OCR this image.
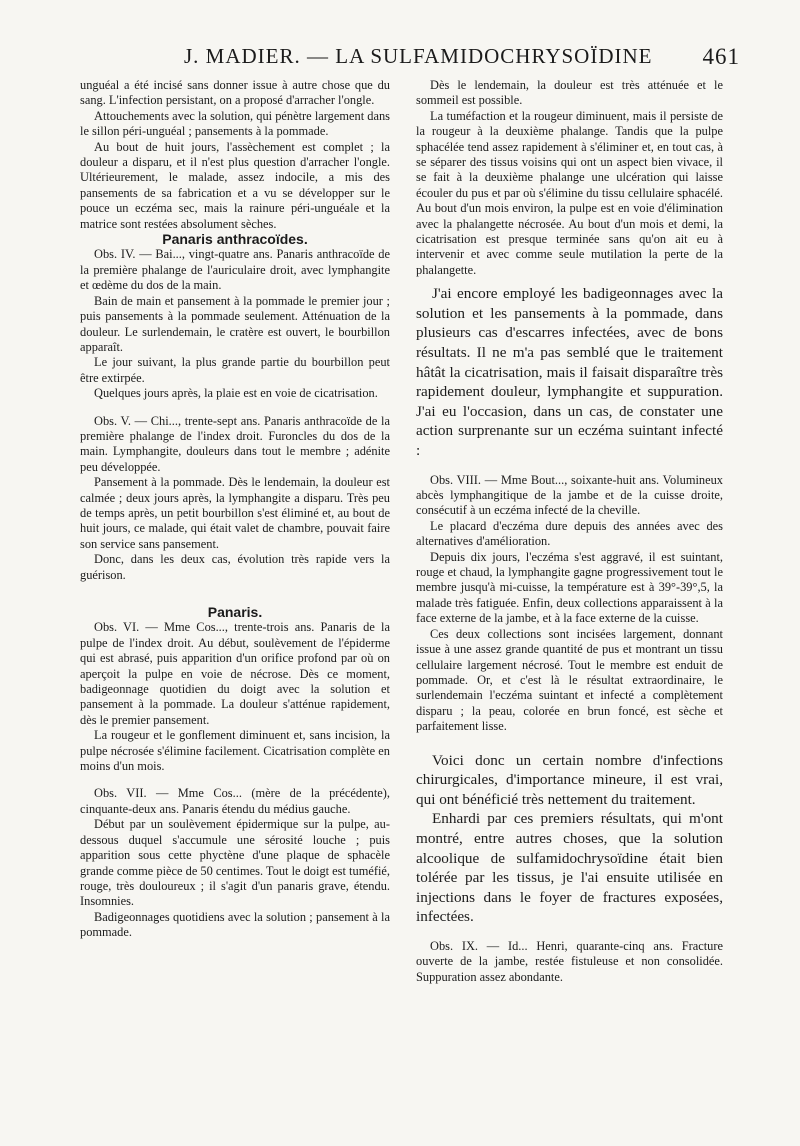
J. MADIER. — LA SULFAMIDOCHRYSOÏDINE 461

unguéal a été incisé sans donner issue à autre chose que du sang. L'infection persistant, on a proposé d'arracher l'ongle.

Attouchements avec la solution, qui pénètre largement dans le sillon péri-unguéal ; pansements à la pommade.

Au bout de huit jours, l'assèchement est complet ; la douleur a disparu, et il n'est plus question d'arracher l'ongle. Ultérieurement, le malade, assez indocile, a mis des pansements de sa fabrication et a vu se développer sur le pouce un eczéma sec, mais la rainure péri-unguéale et la matrice sont restées absolument sèches.

Panaris anthracoïdes.

Obs. IV. — Bai..., vingt-quatre ans. Panaris anthracoïde de la première phalange de l'auriculaire droit, avec lymphangite et œdème du dos de la main.

Bain de main et pansement à la pommade le premier jour ; puis pansements à la pommade seulement. Atténuation de la douleur. Le surlendemain, le cratère est ouvert, le bourbillon apparaît.

Le jour suivant, la plus grande partie du bourbillon peut être extirpée.

Quelques jours après, la plaie est en voie de cicatrisation.

Obs. V. — Chi..., trente-sept ans. Panaris anthracoïde de la première phalange de l'index droit. Furoncles du dos de la main. Lymphangite, douleurs dans tout le membre ; adénite peu développée.

Pansement à la pommade. Dès le lendemain, la douleur est calmée ; deux jours après, la lymphangite a disparu. Très peu de temps après, un petit bourbillon s'est éliminé et, au bout de huit jours, ce malade, qui était valet de chambre, pouvait faire son service sans pansement.

Donc, dans les deux cas, évolution très rapide vers la guérison.

Panaris.

Obs. VI. — Mme Cos..., trente-trois ans. Panaris de la pulpe de l'index droit. Au début, soulèvement de l'épiderme qui est abrasé, puis apparition d'un orifice profond par où on aperçoit la pulpe en voie de nécrose. Dès ce moment, badigeonnage quotidien du doigt avec la solution et pansement à la pommade. La douleur s'atténue rapidement, dès le premier pansement.

La rougeur et le gonflement diminuent et, sans incision, la pulpe nécrosée s'élimine facilement. Cicatrisation complète en moins d'un mois.

Obs. VII. — Mme Cos... (mère de la précédente), cinquante-deux ans. Panaris étendu du médius gauche.

Début par un soulèvement épidermique sur la pulpe, au-dessous duquel s'accumule une sérosité louche ; puis apparition sous cette phyctène d'une plaque de sphacèle grande comme pièce de 50 centimes. Tout le doigt est tuméfié, rouge, très douloureux ; il s'agit d'un panaris grave, étendu. Insomnies.

Badigeonnages quotidiens avec la solution ; pansement à la pommade.

Dès le lendemain, la douleur est très atténuée et le sommeil est possible.

La tuméfaction et la rougeur diminuent, mais il persiste de la rougeur à la deuxième phalange. Tandis que la pulpe sphacélée tend assez rapidement à s'éliminer et, en tout cas, à se séparer des tissus voisins qui ont un aspect bien vivace, il se fait à la deuxième phalange une ulcération qui laisse écouler du pus et par où s'élimine du tissu cellulaire sphacélé. Au bout d'un mois environ, la pulpe est en voie d'élimination avec la phalangette nécrosée. Au bout d'un mois et demi, la cicatrisation est presque terminée sans qu'on ait eu à intervenir et avec comme seule mutilation la perte de la phalangette.

J'ai encore employé les badigeonnages avec la solution et les pansements à la pommade, dans plusieurs cas d'escarres infectées, avec de bons résultats. Il ne m'a pas semblé que le traitement hâtât la cicatrisation, mais il faisait disparaître très rapidement douleur, lymphangite et suppuration. J'ai eu l'occasion, dans un cas, de constater une action surprenante sur un eczéma suintant infecté :

Obs. VIII. — Mme Bout..., soixante-huit ans. Volumineux abcès lymphangitique de la jambe et de la cuisse droite, consécutif à un eczéma infecté de la cheville.

Le placard d'eczéma dure depuis des années avec des alternatives d'amélioration.

Depuis dix jours, l'eczéma s'est aggravé, il est suintant, rouge et chaud, la lymphangite gagne progressivement tout le membre jusqu'à mi-cuisse, la température est à 39°-39°,5, la malade très fatiguée. Enfin, deux collections apparaissent à la face externe de la jambe, et à la face externe de la cuisse.

Ces deux collections sont incisées largement, donnant issue à une assez grande quantité de pus et montrant un tissu cellulaire largement nécrosé. Tout le membre est enduit de pommade. Or, et c'est là le résultat extraordinaire, le surlendemain l'eczéma suintant et infecté a complètement disparu ; la peau, colorée en brun foncé, est sèche et parfaitement lisse.

Voici donc un certain nombre d'infections chirurgicales, d'importance mineure, il est vrai, qui ont bénéficié très nettement du traitement.

Enhardi par ces premiers résultats, qui m'ont montré, entre autres choses, que la solution alcoolique de sulfamidochrysoïdine était bien tolérée par les tissus, je l'ai ensuite utilisée en injections dans le foyer de fractures exposées, infectées.

Obs. IX. — Id... Henri, quarante-cinq ans. Fracture ouverte de la jambe, restée fistuleuse et non consolidée. Suppuration assez abondante.
